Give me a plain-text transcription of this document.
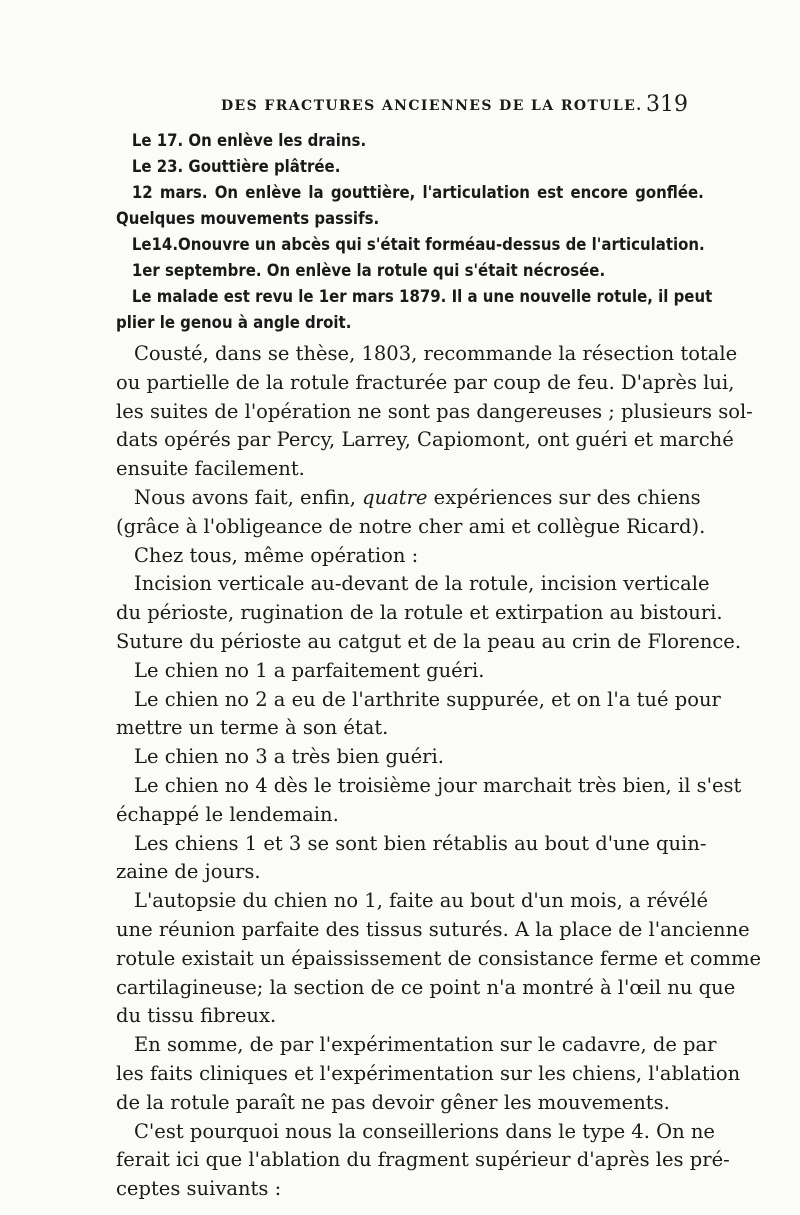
DES FRACTURES ANCIENNES DE LA ROTULE. 319
Le 17. On enlève les drains.
Le 23. Gouttière plâtrée.
12 mars. On enlève la gouttière, l'articulation est encore gonflée.
Quelques mouvements passifs.
Le14.Onouvre un abcès qui s'était forméau-dessus de l'articulation.
1er septembre. On enlève la rotule qui s'était nécrosée.
Le malade est revu le 1er mars 1879. Il a une nouvelle rotule, il peut
plier le genou à angle droit.
Cousté, dans se thèse, 1803, recommande la résection totale
ou partielle de la rotule fracturée par coup de feu. D'après lui,
les suites de l'opération ne sont pas dangereuses ; plusieurs sol-
dats opérés par Percy, Larrey, Capiomont, ont guéri et marché
ensuite facilement.
Nous avons fait, enfin, quatre expériences sur des chiens
(grâce à l'obligeance de notre cher ami et collègue Ricard).
Chez tous, même opération :
Incision verticale au-devant de la rotule, incision verticale
du périoste, rugination de la rotule et extirpation au bistouri.
Suture du périoste au catgut et de la peau au crin de Florence.
Le chien no 1 a parfaitement guéri.
Le chien no 2 a eu de l'arthrite suppurée, et on l'a tué pour
mettre un terme à son état.
Le chien no 3 a très bien guéri.
Le chien no 4 dès le troisième jour marchait très bien, il s'est
échappé le lendemain.
Les chiens 1 et 3 se sont bien rétablis au bout d'une quin-
zaine de jours.
L'autopsie du chien no 1, faite au bout d'un mois, a révélé
une réunion parfaite des tissus suturés. A la place de l'ancienne
rotule existait un épaississement de consistance ferme et comme
cartilagineuse; la section de ce point n'a montré à l'œil nu que
du tissu fibreux.
En somme, de par l'expérimentation sur le cadavre, de par
les faits cliniques et l'expérimentation sur les chiens, l'ablation
de la rotule paraît ne pas devoir gêner les mouvements.
C'est pourquoi nous la conseillerions dans le type 4. On ne
ferait ici que l'ablation du fragment supérieur d'après les pré-
ceptes suivants :
